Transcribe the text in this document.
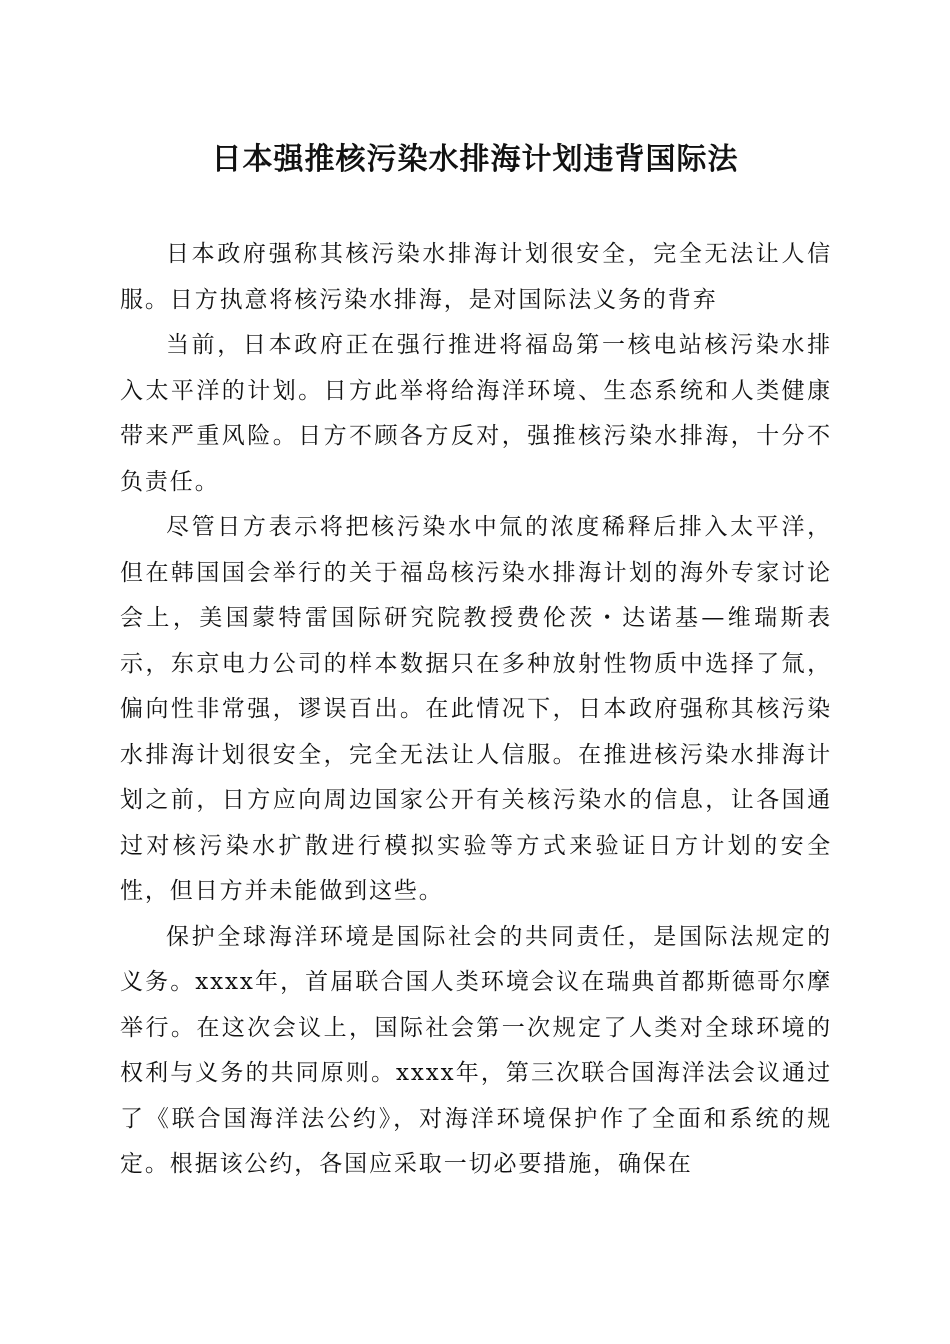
日本强推核污染水排海计划违背国际法

日本政府强称其核污染水排海计划很安全，完全无法让人信服。日方执意将核污染水排海，是对国际法义务的背弃

当前，日本政府正在强行推进将福岛第一核电站核污染水排入太平洋的计划。日方此举将给海洋环境、生态系统和人类健康带来严重风险。日方不顾各方反对，强推核污染水排海，十分不负责任。

尽管日方表示将把核污染水中氚的浓度稀释后排入太平洋，但在韩国国会举行的关于福岛核污染水排海计划的海外专家讨论会上，美国蒙特雷国际研究院教授费伦茨・达诺基—维瑞斯表示，东京电力公司的样本数据只在多种放射性物质中选择了氚，偏向性非常强，谬误百出。在此情况下，日本政府强称其核污染水排海计划很安全，完全无法让人信服。在推进核污染水排海计划之前，日方应向周边国家公开有关核污染水的信息，让各国通过对核污染水扩散进行模拟实验等方式来验证日方计划的安全性，但日方并未能做到这些。

保护全球海洋环境是国际社会的共同责任，是国际法规定的义务。xxxx年，首届联合国人类环境会议在瑞典首都斯德哥尔摩举行。在这次会议上，国际社会第一次规定了人类对全球环境的权利与义务的共同原则。xxxx年，第三次联合国海洋法会议通过了《联合国海洋法公约》，对海洋环境保护作了全面和系统的规定。根据该公约，各国应采取一切必要措施，确保在
